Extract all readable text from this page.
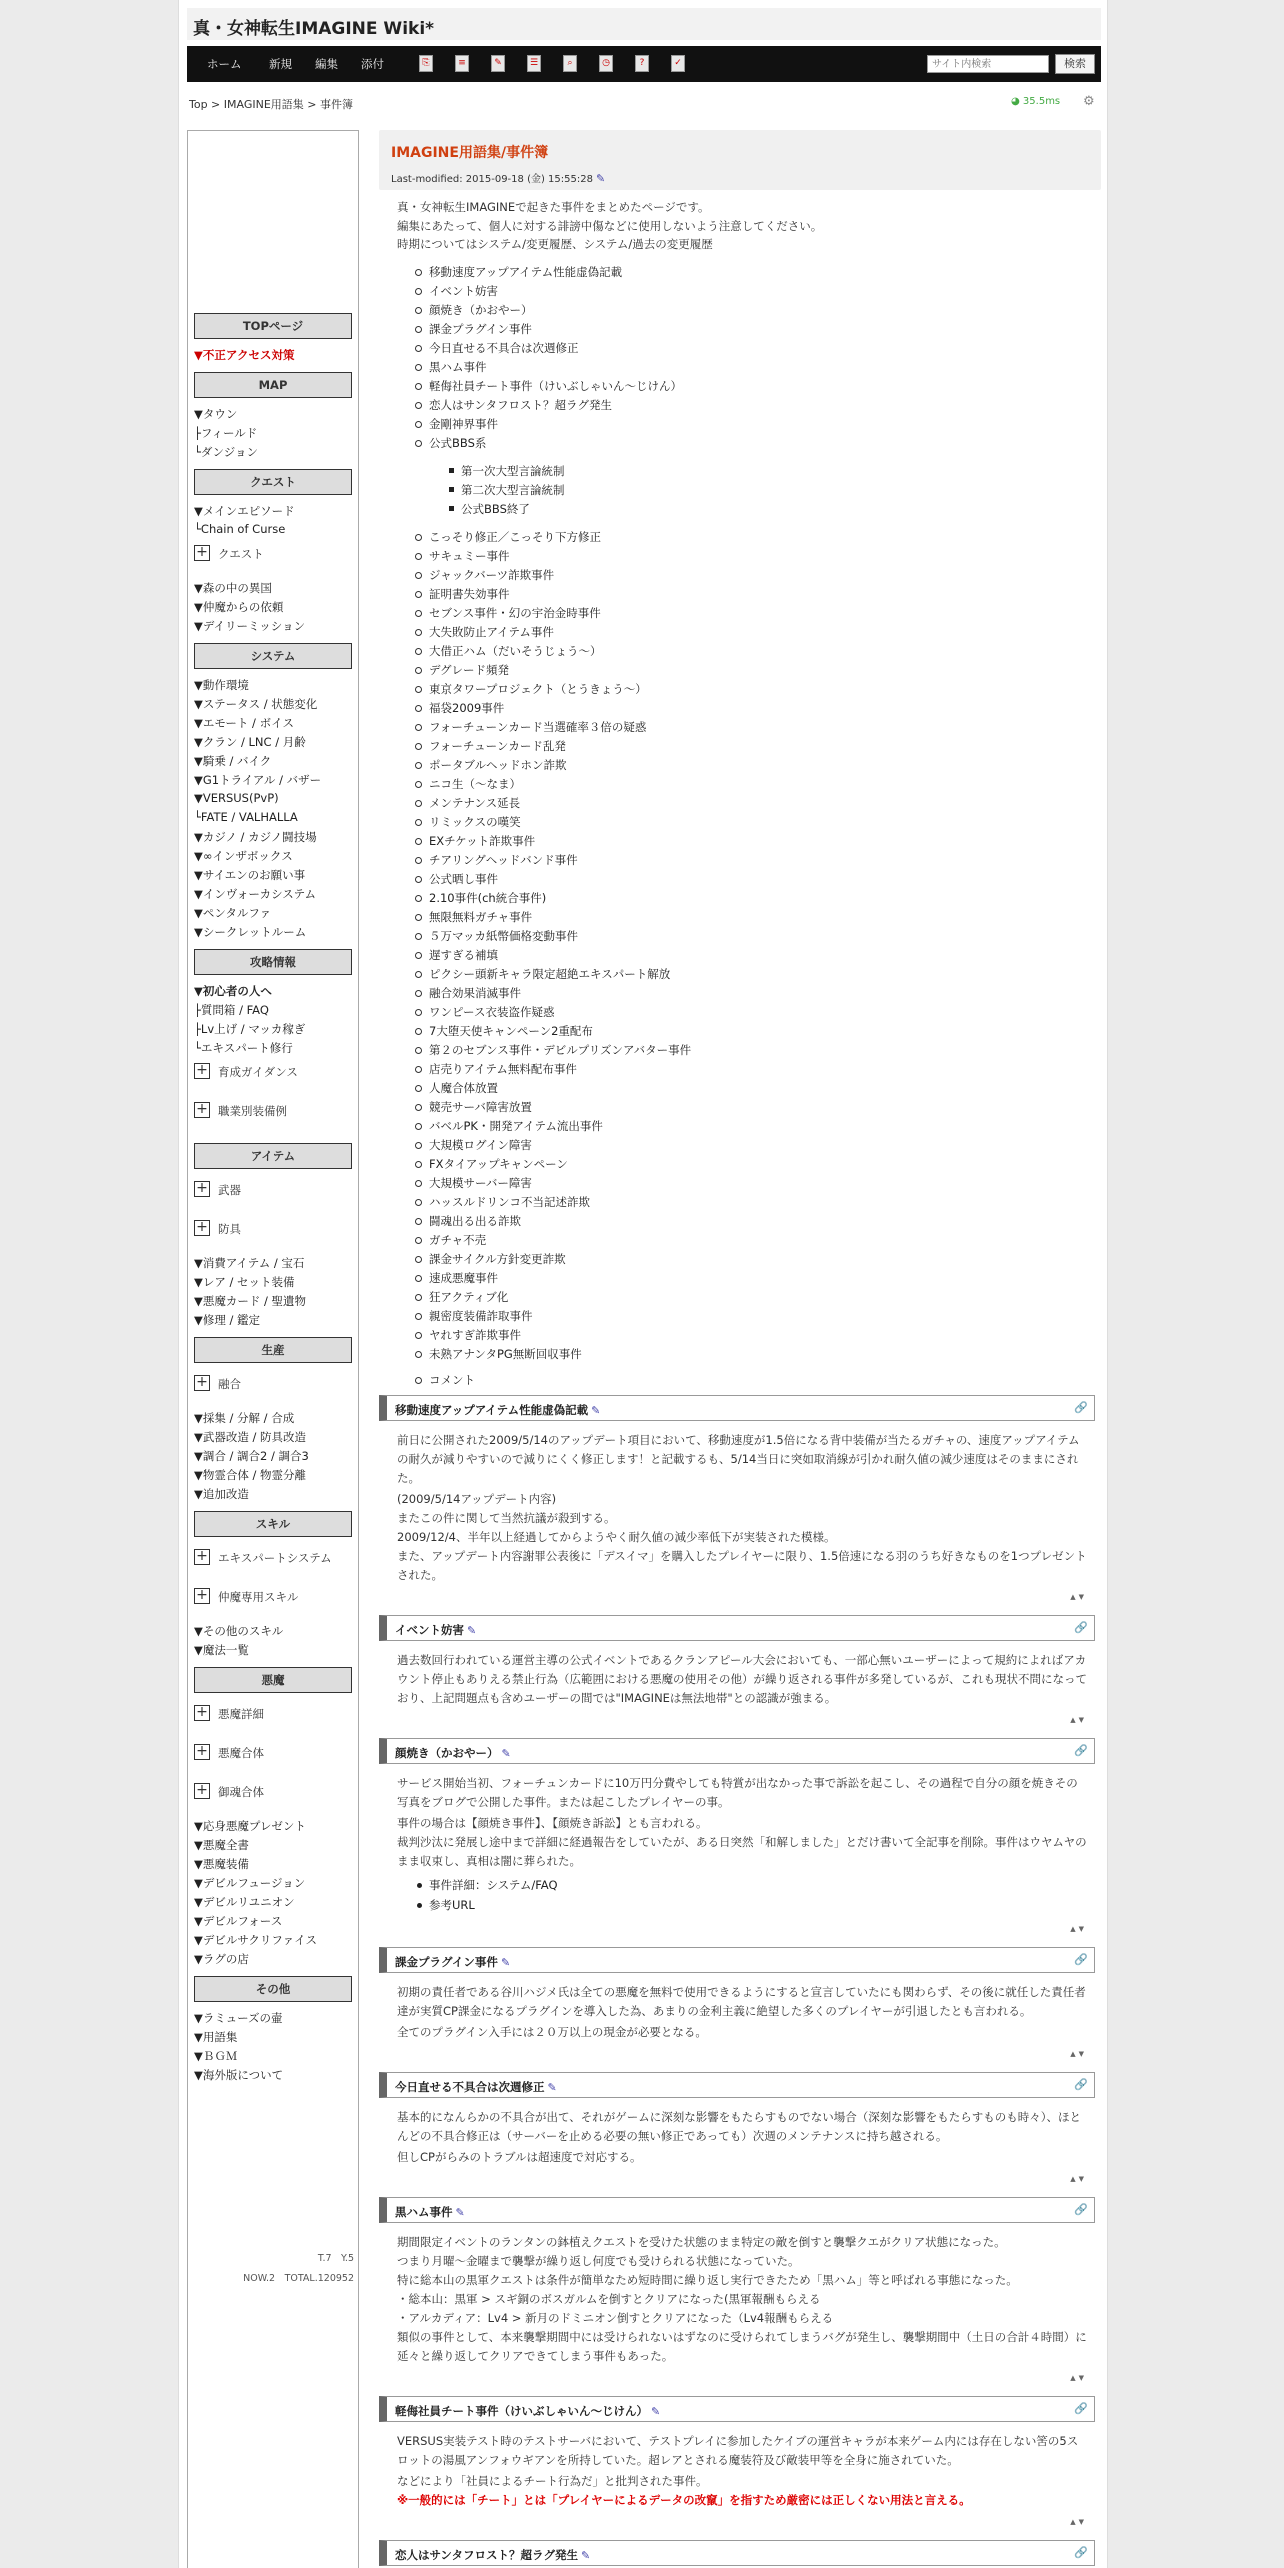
真・女神転生IMAGINE Wiki*
ホーム 新規 編集 添付	⎘	≡	✎	☰	⌕	◷	?	✓
サイト内検索	検索
Top > IMAGINE用語集 > 事件簿	◕ 35.5ms ⚙
TOPページ
▼不正アクセス対策
MAP
▼タウン
├フィールド
└ダンジョン
クエスト
▼メインエピソード
└Chain of Curse
+ クエスト
▼森の中の異国
▼仲魔からの依頼
▼デイリーミッション
システム
▼動作環境
▼ステータス / 状態変化
▼エモート / ボイス
▼クラン / LNC / 月齢
▼騎乗 / バイク
▼G1トライアル / バザー
▼VERSUS(PvP)
└FATE / VALHALLA
▼カジノ / カジノ闘技場
▼∞インザボックス
▼サイエンのお願い事
▼インヴォーカシステム
▼ペンタルファ
▼シークレットルーム
攻略情報
▼初心者の人へ
├質問箱 / FAQ
├Lv上げ / マッカ稼ぎ
└エキスパート修行
+ 育成ガイダンス
+ 職業別装備例
アイテム
+ 武器
+ 防具
▼消費アイテム / 宝石
▼レア / セット装備
▼悪魔カード / 聖遺物
▼修理 / 鑑定
生産
+ 融合
▼採集 / 分解 / 合成
▼武器改造 / 防具改造
▼調合 / 調合2 / 調合3
▼物霊合体 / 物霊分離
▼追加改造
スキル
+ エキスパートシステム
+ 仲魔専用スキル
▼その他のスキル
▼魔法一覧
悪魔
+ 悪魔詳細
+ 悪魔合体
+ 御魂合体
▼応身悪魔プレゼント
▼悪魔全書
▼悪魔装備
▼デビルフュージョン
▼デビルリユニオン
▼デビルフォース
▼デビルサクリファイス
▼ラグの店
その他
▼ラミューズの壷
▼用語集
▼ＢＧＭ
▼海外版について
T.7　Y.5
NOW.2　TOTAL.120952
IMAGINE用語集/事件簿
Last-modified: 2015-09-18 (金) 15:55:28 ✎
真・女神転生IMAGINEで起きた事件をまとめたページです。
編集にあたって、個人に対する誹謗中傷などに使用しないよう注意してください。
時期についてはシステム/変更履歴、システム/過去の変更履歴
移動速度アップアイテム性能虚偽記載
イベント妨害
顔焼き（かおやー）
課金プラグイン事件
今日直せる不具合は次週修正
黒ハム事件
軽侮社員チート事件（けいぶしゃいん～じけん）
恋人はサンタフロスト？超ラグ発生
金剛神界事件
公式BBS系
第一次大型言論統制
第二次大型言論統制
公式BBS終了
こっそり修正／こっそり下方修正
サキュミー事件
ジャックバーツ詐欺事件
証明書失効事件
セブンス事件・幻の宇治金時事件
大失敗防止アイテム事件
大借正ハム（だいそうじょう～）
デグレード頻発
東京タワープロジェクト（とうきょう～）
福袋2009事件
フォーチューンカード当選確率３倍の疑惑
フォーチューンカード乱発
ポータブルヘッドホン詐欺
ニコ生（～なま）
メンテナンス延長
リミックスの嘆笑
EXチケット詐欺事件
チアリングヘッドバンド事件
公式晒し事件
2.10事件(ch統合事件)
無限無料ガチャ事件
５万マッカ紙幣価格変動事件
遅すぎる補填
ピクシー頭新キャラ限定超絶エキスパート解放
融合効果消滅事件
ワンピース衣装盗作疑惑
7大堕天使キャンペーン2重配布
第２のセブンス事件・デビルプリズンアバター事件
店売りアイテム無料配布事件
人魔合体放置
競売サーバ障害放置
バベルPK・開発アイテム流出事件
大規模ログイン障害
FXタイアップキャンペーン
大規模サーバー障害
ハッスルドリンコ不当記述詐欺
闘魂出る出る詐欺
ガチャ不売
課金サイクル方針変更詐欺
速成悪魔事件
狂アクティブ化
親密度装備詐取事件
ヤれすぎ詐欺事件
未熟アナンタPG無断回収事件
コメント
移動速度アップアイテム性能虚偽記載 ✎	🔗
前日に公開された2009/5/14のアップデート項目において、移動速度が1.5倍になる背中装備が当たるガチャの、速度アップアイテムの耐久が減りやすいので減りにくく修正します！と記載するも、5/14当日に突如取消線が引かれ耐久値の減少速度はそのままにされた。
(2009/5/14アップデート内容)
またこの件に関して当然抗議が殺到する。
2009/12/4、半年以上経過してからようやく耐久値の減少率低下が実装された模様。
また、アップデート内容謝罪公表後に「デスイマ」を購入したプレイヤーに限り、1.5倍速になる羽のうち好きなものを1つプレゼントされた。
▲▼
イベント妨害 ✎	🔗
過去数回行われている運営主導の公式イベントであるクランアピール大会においても、一部心無いユーザーによって規約によればアカウント停止もありえる禁止行為（広範囲における悪魔の使用その他）が繰り返される事件が多発しているが、これも現状不問になっており、上記問題点も含めユーザーの間では"IMAGINEは無法地帯"との認識が強まる。
▲▼
顔焼き（かおやー） ✎	🔗
サービス開始当初、フォーチュンカードに10万円分費やしても特賞が出なかった事で訴訟を起こし、その過程で自分の顔を焼きその写真をブログで公開した事件。または起こしたプレイヤーの事。
事件の場合は【顔焼き事件】、【顔焼き訴訟】とも言われる。
裁判沙汰に発展し途中まで詳細に経過報告をしていたが、ある日突然「和解しました」とだけ書いて全記事を削除。事件はウヤムヤのまま収束し、真相は闇に葬られた。
事件詳細：システム/FAQ
参考URL
▲▼
課金プラグイン事件 ✎	🔗
初期の責任者である谷川ハジメ氏は全ての悪魔を無料で使用できるようにすると宣言していたにも関わらず、その後に就任した責任者達が実質CP課金になるプラグインを導入した為、あまりの金利主義に絶望した多くのプレイヤーが引退したとも言われる。
全てのプラグイン入手には２０万以上の現金が必要となる。
▲▼
今日直せる不具合は次週修正 ✎	🔗
基本的になんらかの不具合が出て、それがゲームに深刻な影響をもたらすものでない場合（深刻な影響をもたらすものも時々）、ほとんどの不具合修正は（サーバーを止める必要の無い修正であっても）次週のメンテナンスに持ち越される。
但しCPがらみのトラブルは超速度で対応する。
▲▼
黒ハム事件 ✎	🔗
期間限定イベントのランタンの鉢植えクエストを受けた状態のまま特定の敵を倒すと襲撃クエがクリア状態になった。
つまり月曜～金曜まで襲撃が繰り返し何度でも受けられる状態になっていた。
特に総本山の黒軍クエストは条件が簡単なため短時間に繰り返し実行できたため「黒ハム」等と呼ばれる事態になった。
・総本山：黒軍 > スギ銅のボスガルムを倒すとクリアになった(黒軍報酬もらえる
・アルカディア：Lv4 > 新月のドミニオン倒すとクリアになった（Lv4報酬もらえる
類似の事件として、本来襲撃期間中には受けられないはずなのに受けられてしまうバグが発生し、襲撃期間中（土日の合計４時間）に延々と繰り返してクリアできてしまう事件もあった。
▲▼
軽侮社員チート事件（けいぶしゃいん～じけん） ✎	🔗
VERSUS実装テスト時のテストサーバにおいて、テストプレイに参加したケイブの運営キャラが本来ゲーム内には存在しない筈の5スロットの湯風アンフォウギアンを所持していた。超レアとされる魔装符及び敵装甲等を全身に施されていた。
などにより「社員によるチート行為だ」と批判された事件。
※一般的には「チート」とは「プレイヤーによるデータの改竄」を指すため厳密には正しくない用法と言える。
▲▼
恋人はサンタフロスト？超ラグ発生 ✎	🔗
